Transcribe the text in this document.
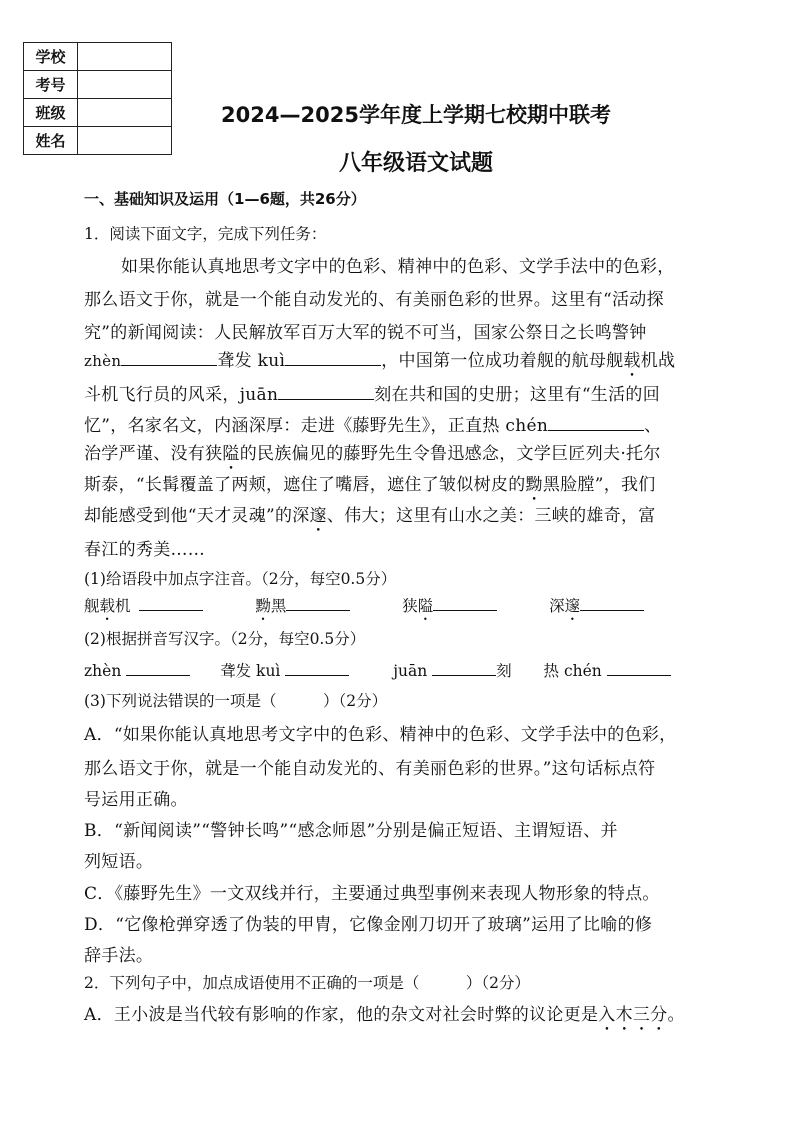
学校	
考号	
班级	
姓名	
2024—2025学年度上学期七校期中联考
八年级语文试题
一、基础知识及运用（1—6题，共26分）
1．阅读下面文字，完成下列任务：
如果你能认真地思考文字中的色彩、精神中的色彩、文学手法中的色彩，
那么语文于你，就是一个能自动发光的、有美丽色彩的世界。这里有“活动探
究”的新闻阅读：人民解放军百万大军的锐不可当，国家公祭日之长鸣警钟
zhèn	聋发 kuì	，中国第一位成功着舰的航母舰载机战
斗机飞行员的风采，juān	刻在共和国的史册；这里有“生活的回
忆”，名家名文，内涵深厚：走进《藤野先生》，正直热 chén	、
治学严谨、没有狭隘的民族偏见的藤野先生令鲁迅感念，文学巨匠列夫·托尔
斯泰，“长髯覆盖了两颊，遮住了嘴唇，遮住了皱似树皮的黝黑脸膛”，我们
却能感受到他“天才灵魂”的深邃、伟大；这里有山水之美：三峡的雄奇，富
春江的秀美……
(1)给语段中加点字注音。（2分，每空0.5分）
舰载机	黝黑	狭隘	深邃
(2)根据拼音写汉字。（2分，每空0.5分）
zhèn	聋发 kuì	juān	刻 热 chén
(3)下列说法错误的一项是（　　　）（2分）
A．“如果你能认真地思考文字中的色彩、精神中的色彩、文学手法中的色彩，
那么语文于你，就是一个能自动发光的、有美丽色彩的世界。”这句话标点符
号运用正确。
B．“新闻阅读”“警钟长鸣”“感念师恩”分别是偏正短语、主谓短语、并
列短语。
C．《藤野先生》一文双线并行，主要通过典型事例来表现人物形象的特点。
D．“它像枪弹穿透了伪装的甲胄，它像金刚刀切开了玻璃”运用了比喻的修
辞手法。
2．下列句子中，加点成语使用不正确的一项是（　　　）（2分）
A．王小波是当代较有影响的作家，他的杂文对社会时弊的议论更是入木三分。
